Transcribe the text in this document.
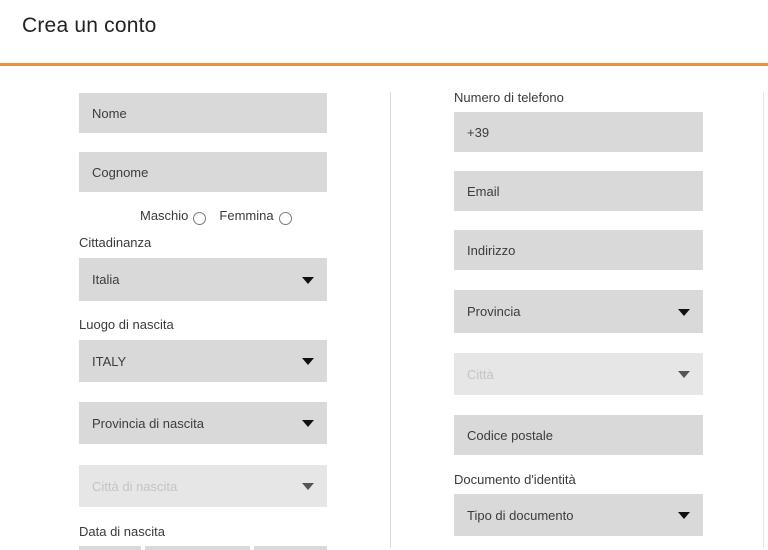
Crea un conto
Nome
Cognome
Maschio Femmina
Cittadinanza
Italia
Luogo di nascita
ITALY
Provincia di nascita
Città di nascita
Data di nascita
Numero di telefono
+39
Email
Indirizzo
Provincia
Città
Codice postale
Documento d'identità
Tipo di documento
